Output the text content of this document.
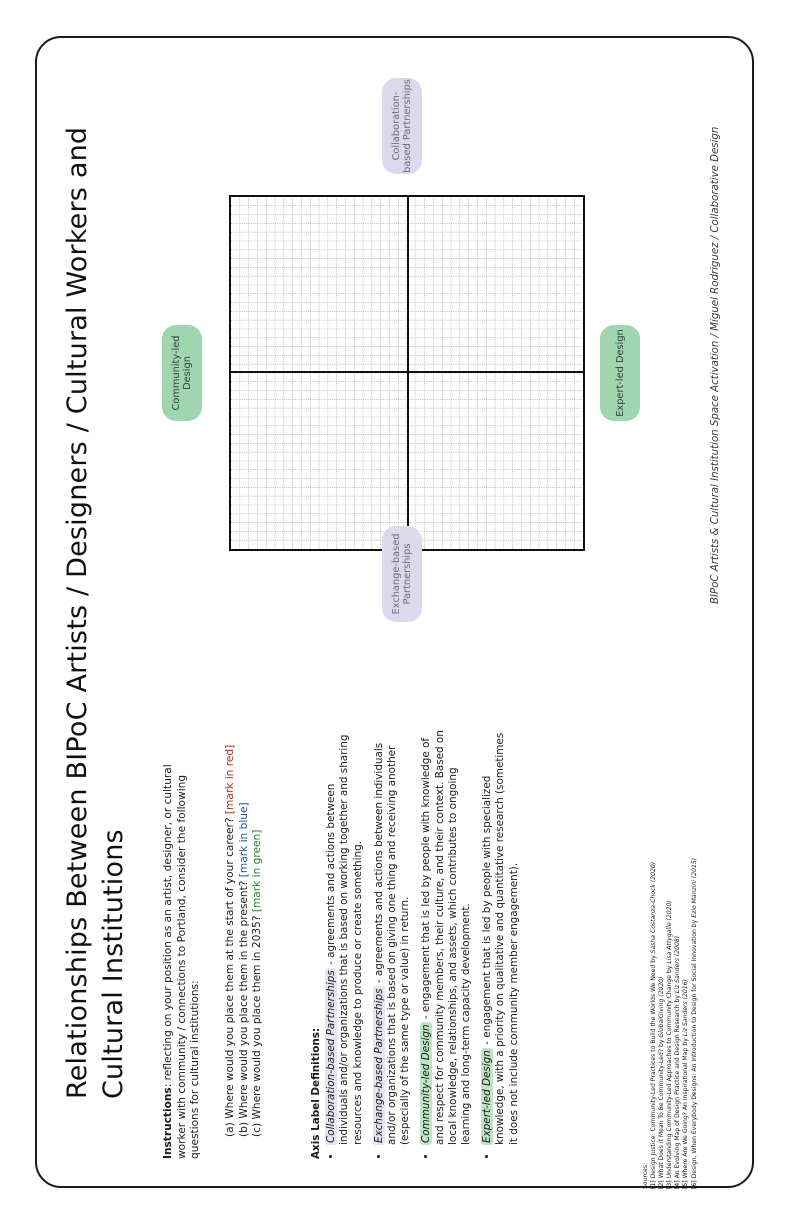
Relationships Between BIPoC Artists / Designers / Cultural Workers and Cultural Institutions
Instructions: reflecting on your position as an artist, designer, or cultural worker with community / connections to Portland, consider the following questions for cultural institutions: (a) Where would you place them at the start of your career? [mark in red]
(b) Where would you place them in the present? [mark in blue]
(c) Where would you place them in 2035? [mark in green]
Axis Label Definitions: • Collaboration-based Partnerships - agreements and actions between individuals and/or organizations that is based on working together and sharing resources and knowledge to produce or create something. • Exchange-based Partnerships - agreements and actions between individuals and/or organizations that is based on giving one thing and receiving another (especially of the same type or value) in return. • Community-led Design - engagement that is led by people with knowledge of and respect for community members, their culture, and their context. Based on local knowledge, relationships, and assets, which contributes to ongoing learning and long-term capacity development. • Expert-led Design - engagement that is led by people with specialized knowledge, with a priority on qualitative and quantitative research (sometimes it does not include community member engagement).
Sources: [1] Design Justice: Community-Led Practices to Build the Worlds We Need by Sasha Costanza-Chock (2020)
[2] What Does it Mean To Be Community-Led? by GlobalGiving (2020) [3] Understanding Community-Led Approaches to Community Change by Lisa Attygalle (2020)
[4] An Evolving Map of Design Practice and Design Research by Liz Sanders (2008)
[5] Where Are We Going? An Inspirational Map by Liz Sanders (2016) [6] Design, When Everybody Designs: An Introduction to Design for Social Innovation by Ezio Manzini (2015)
Community-led Design	Expert-led Design
Exchange-based Partnerships
Collaboration-based Partnerships
BIPoC Artists & Cultural Institution Space Activation / Miguel Rodriguez / Collaborative Design
